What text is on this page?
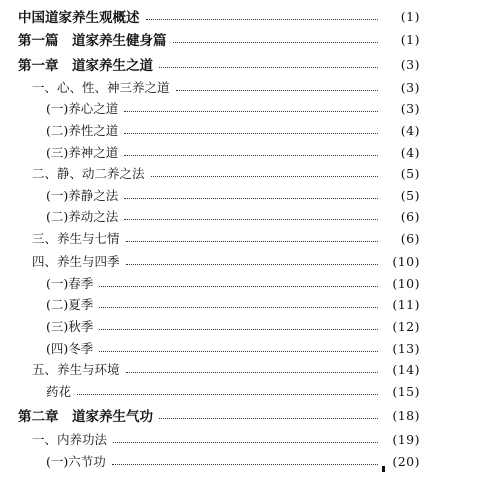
中国道家养生观概述	(1)
第一篇　道家养生健身篇	(1)
第一章　道家养生之道	(3)
一、心、性、神三养之道	(3)
(一)养心之道	(3)
(二)养性之道	(4)
(三)养神之道	(4)
二、静、动二养之法	(5)
(一)养静之法	(5)
(二)养动之法	(6)
三、养生与七情	(6)
四、养生与四季	(10)
(一)春季	(10)
(二)夏季	(11)
(三)秋季	(12)
(四)冬季	(13)
五、养生与环境	(14)
药花	(15)
第二章　道家养生气功	(18)
一、内养功法	(19)
(一)六节功	(20)
